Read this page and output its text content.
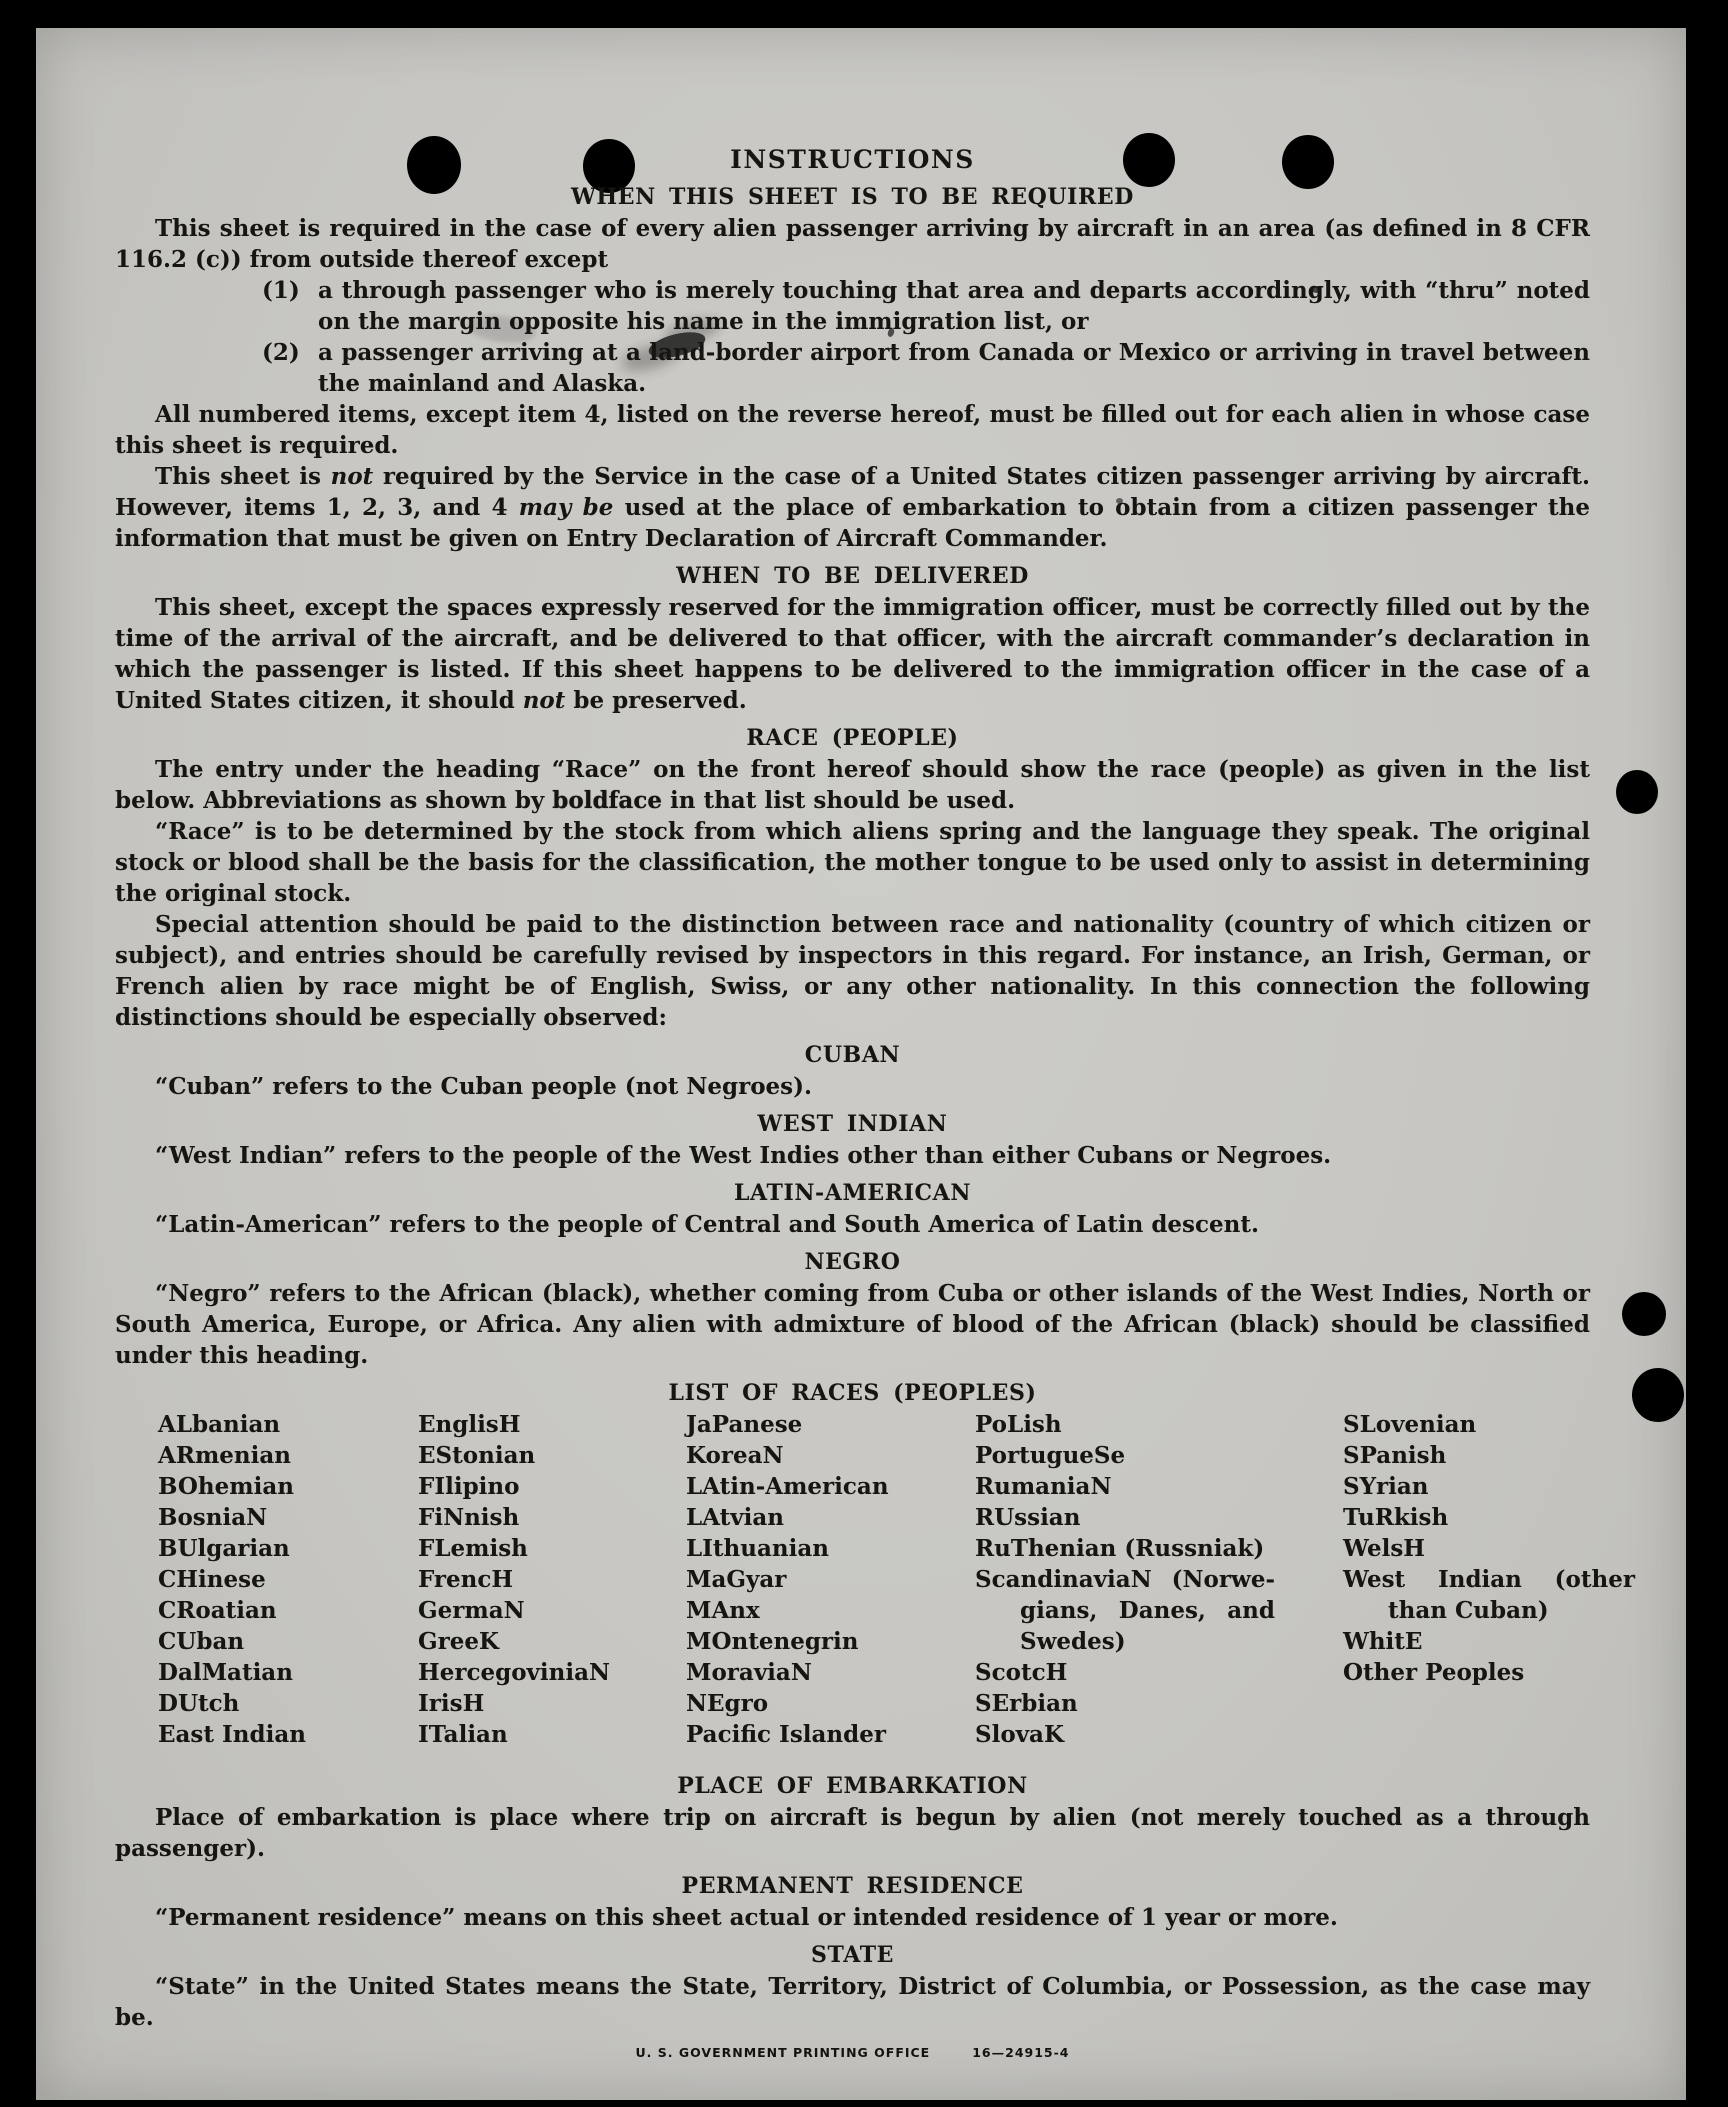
INSTRUCTIONS
WHEN THIS SHEET IS TO BE REQUIRED

This sheet is required in the case of every alien passenger arriving by aircraft in an area (as defined in 8 CFR 116.2 (c)) from outside thereof except

(1) a through passenger who is merely touching that area and departs accordingly, with “thru” noted on the margin opposite his name in the immigration list, or

(2) a passenger arriving at a land-border airport from Canada or Mexico or arriving in travel between the mainland and Alaska.

All numbered items, except item 4, listed on the reverse hereof, must be filled out for each alien in whose case this sheet is required.

This sheet is not required by the Service in the case of a United States citizen passenger arriving by aircraft. However, items 1, 2, 3, and 4 may be used at the place of embarkation to obtain from a citizen passenger the information that must be given on Entry Declaration of Aircraft Commander.

WHEN TO BE DELIVERED

This sheet, except the spaces expressly reserved for the immigration officer, must be correctly filled out by the time of the arrival of the aircraft, and be delivered to that officer, with the aircraft commander’s declaration in which the passenger is listed. If this sheet happens to be delivered to the immigration officer in the case of a United States citizen, it should not be preserved.

RACE (PEOPLE)

The entry under the heading “Race” on the front hereof should show the race (people) as given in the list below. Abbreviations as shown by boldface in that list should be used.

“Race” is to be determined by the stock from which aliens spring and the language they speak. The original stock or blood shall be the basis for the classification, the mother tongue to be used only to assist in determining the original stock.

Special attention should be paid to the distinction between race and nationality (country of which citizen or subject), and entries should be carefully revised by inspectors in this regard. For instance, an Irish, German, or French alien by race might be of English, Swiss, or any other nationality. In this connection the following distinctions should be especially observed:

CUBAN

“Cuban” refers to the Cuban people (not Negroes).

WEST INDIAN

“West Indian” refers to the people of the West Indies other than either Cubans or Negroes.

LATIN-AMERICAN

“Latin-American” refers to the people of Central and South America of Latin descent.

NEGRO

“Negro” refers to the African (black), whether coming from Cuba or other islands of the West Indies, North or South America, Europe, or Africa. Any alien with admixture of blood of the African (black) should be classified under this heading.

LIST OF RACES (PEOPLES)
ALbanian
ARmenian
BOhemian
BosniaN
BUlgarian
CHinese
CRoatian
CUban
DalMatian
DUtch
East Indian
EnglisH
EStonian
FIlipino
FiNnish
FLemish
FrencH
GermaN
GreeK
HercegoviniaN
IrisH
ITalian
JaPanese
KoreaN
LAtin-American
LAtvian
LIthuanian
MaGyar
MAnx
MOntenegrin
MoraviaN
NEgro
Pacific Islander
PoLish
PortugueSe
RumaniaN
RUssian
RuThenian (Russniak)
ScandinaviaN (Norwegians, Danes, and Swedes)
ScotcH
SErbian
SlovaK
SLovenian
SPanish
SYrian
TuRkish
WelsH
West Indian (other than Cuban)
WhitE
Other Peoples
PLACE OF EMBARKATION

Place of embarkation is place where trip on aircraft is begun by alien (not merely touched as a through passenger).

PERMANENT RESIDENCE

“Permanent residence” means on this sheet actual or intended residence of 1 year or more.

STATE

“State” in the United States means the State, Territory, District of Columbia, or Possession, as the case may be.

U. S. GOVERNMENT PRINTING OFFICE	16—24915-4
